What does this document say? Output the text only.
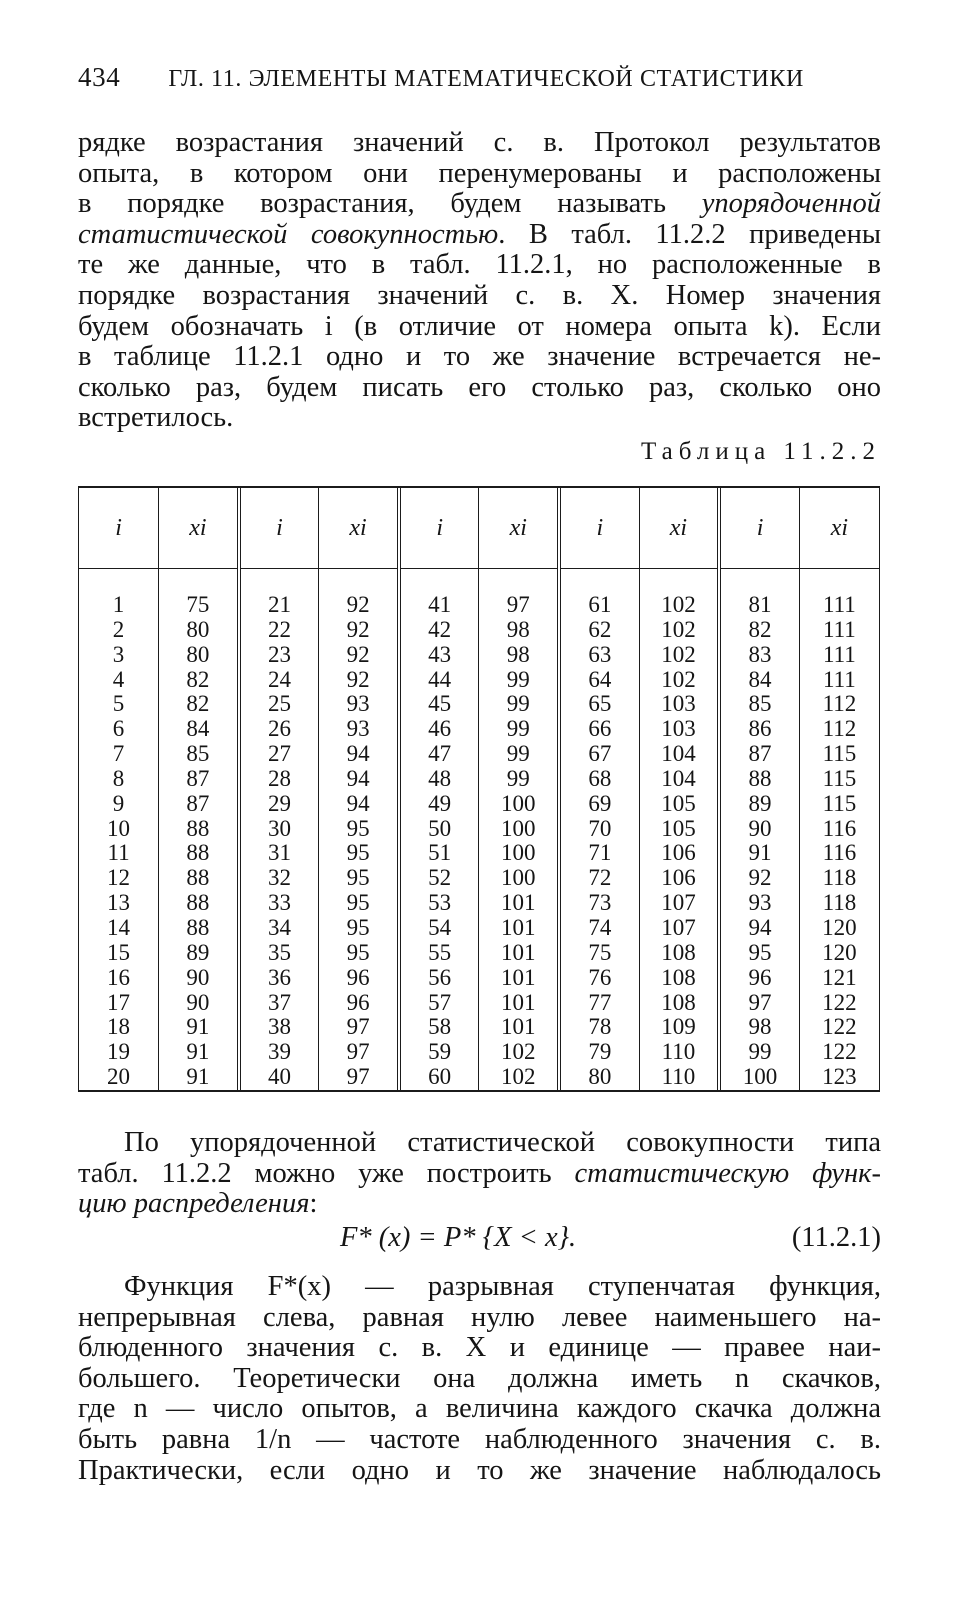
434 ГЛ. 11. ЭЛЕМЕНТЫ МАТЕМАТИЧЕСКОЙ СТАТИСТИКИ
рядке возрастания значений с. в. Протокол результатов
опыта, в котором они перенумерованы и расположены
в порядке возрастания, будем называть упорядоченной
статистической совокупностью. В табл. 11.2.2 приведены
те же данные, что в табл. 11.2.1, но расположенные в
порядке возрастания значений с. в. X. Номер значения
будем обозначать i (в отличие от номера опыта k). Если
в таблице 11.2.1 одно и то же значение встречается не-
сколько раз, будем писать его столько раз, сколько оно
встретилось.
Таблица 11.2.2
i	xi	i	xi	i	xi	i	xi	i	xi
1	75	21	92	41	97	61	102	81	111
2	80	22	92	42	98	62	102	82	111
3	80	23	92	43	98	63	102	83	111
4	82	24	92	44	99	64	102	84	111
5	82	25	93	45	99	65	103	85	112
6	84	26	93	46	99	66	103	86	112
7	85	27	94	47	99	67	104	87	115
8	87	28	94	48	99	68	104	88	115
9	87	29	94	49	100	69	105	89	115
10	88	30	95	50	100	70	105	90	116
11	88	31	95	51	100	71	106	91	116
12	88	32	95	52	100	72	106	92	118
13	88	33	95	53	101	73	107	93	118
14	88	34	95	54	101	74	107	94	120
15	89	35	95	55	101	75	108	95	120
16	90	36	96	56	101	76	108	96	121
17	90	37	96	57	101	77	108	97	122
18	91	38	97	58	101	78	109	98	122
19	91	39	97	59	102	79	110	99	122
20	91	40	97	60	102	80	110	100	123
По упорядоченной статистической совокупности типа
табл. 11.2.2 можно уже построить статистическую функ-
цию распределения:
F* (x) = P* {X < x}.	(11.2.1)
Функция F*(x) — разрывная ступенчатая функция,
непрерывная слева, равная нулю левее наименьшего на-
блюденного значения с. в. X и единице — правее наи-
большего. Теоретически она должна иметь n скачков,
где n — число опытов, а величина каждого скачка должна
быть равна 1/n — частоте наблюденного значения с. в.
Практически, если одно и то же значение наблюдалось
